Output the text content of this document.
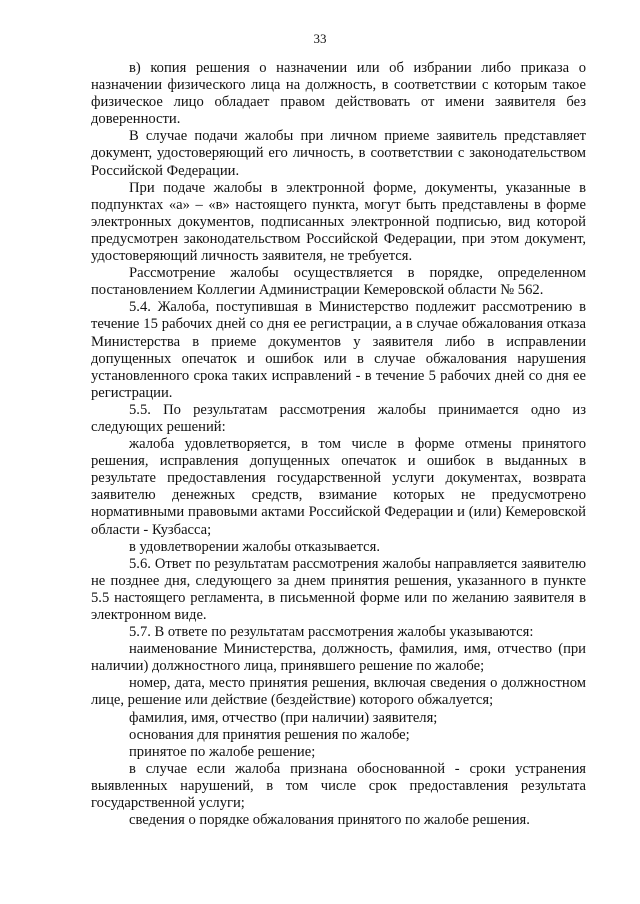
33

в) копия решения о назначении или об избрании либо приказа о назначении физического лица на должность, в соответствии с которым такое физическое лицо обладает правом действовать от имени заявителя без доверенности.

В случае подачи жалобы при личном приеме заявитель представляет документ, удостоверяющий его личность, в соответствии с законодательством Российской Федерации.

При подаче жалобы в электронной форме, документы, указанные в подпунктах «а» – «в» настоящего пункта, могут быть представлены в форме электронных документов, подписанных электронной подписью, вид которой предусмотрен законодательством Российской Федерации, при этом документ, удостоверяющий личность заявителя, не требуется.

Рассмотрение жалобы осуществляется в порядке, определенном постановлением Коллегии Администрации Кемеровской области № 562.

5.4. Жалоба, поступившая в Министерство подлежит рассмотрению в течение 15 рабочих дней со дня ее регистрации, а в случае обжалования отказа Министерства в приеме документов у заявителя либо в исправлении допущенных опечаток и ошибок или в случае обжалования нарушения установленного срока таких исправлений - в течение 5 рабочих дней со дня ее регистрации.

5.5. По результатам рассмотрения жалобы принимается одно из следующих решений:

жалоба удовлетворяется, в том числе в форме отмены принятого решения, исправления допущенных опечаток и ошибок в выданных в результате предоставления государственной услуги документах, возврата заявителю денежных средств, взимание которых не предусмотрено нормативными правовыми актами Российской Федерации и (или) Кемеровской области - Кузбасса;

в удовлетворении жалобы отказывается.

5.6. Ответ по результатам рассмотрения жалобы направляется заявителю не позднее дня, следующего за днем принятия решения, указанного в пункте 5.5 настоящего регламента, в письменной форме или по желанию заявителя в электронном виде.

5.7. В ответе по результатам рассмотрения жалобы указываются:

наименование Министерства, должность, фамилия, имя, отчество (при наличии) должностного лица, принявшего решение по жалобе;

номер, дата, место принятия решения, включая сведения о должностном лице, решение или действие (бездействие) которого обжалуется;

фамилия, имя, отчество (при наличии) заявителя;

основания для принятия решения по жалобе;

принятое по жалобе решение;

в случае если жалоба признана обоснованной - сроки устранения выявленных нарушений, в том числе срок предоставления результата государственной услуги;

сведения о порядке обжалования принятого по жалобе решения.
